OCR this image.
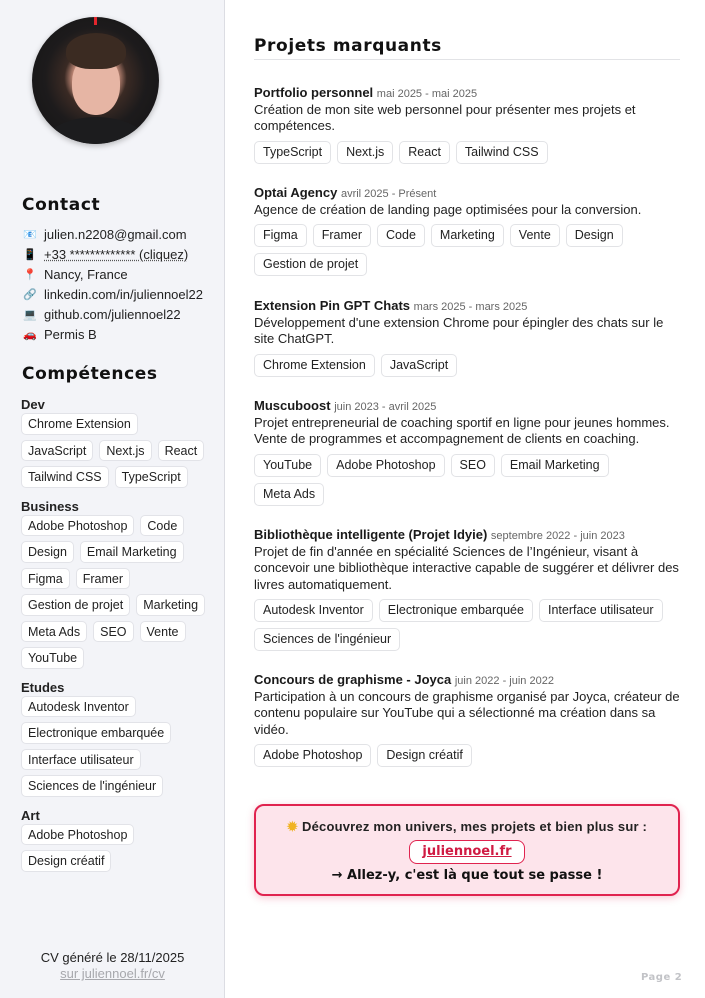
Contact
📧 julien.n2208@gmail.com
📱 +33 ************* (cliquez)
📍 Nancy, France
🔗 linkedin.com/in/juliennoel22
💻 github.com/juliennoel22
🚗 Permis B
Compétences
Dev
Chrome Extension
JavaScript	Next.js	React
Tailwind CSS	TypeScript
Business
Adobe Photoshop	Code
Design	Email Marketing
Figma	Framer
Gestion de projet	Marketing
Meta Ads	SEO	Vente
YouTube
Etudes
Autodesk Inventor
Electronique embarquée
Interface utilisateur
Sciences de l'ingénieur
Art
Adobe Photoshop
Design créatif
CV généré le 28/11/2025
sur juliennoel.fr/cv
Projets marquants
Portfolio personnel mai 2025 - mai 2025
Création de mon site web personnel pour présenter mes projets et compétences.
TypeScript	Next.js	React	Tailwind CSS
Optai Agency avril 2025 - Présent
Agence de création de landing page optimisées pour la conversion.
Figma	Framer	Code	Marketing	Vente	Design
Gestion de projet
Extension Pin GPT Chats mars 2025 - mars 2025
Développement d'une extension Chrome pour épingler des chats sur le site ChatGPT.
Chrome Extension	JavaScript
Muscuboost juin 2023 - avril 2025
Projet entrepreneurial de coaching sportif en ligne pour jeunes hommes. Vente de programmes et accompagnement de clients en coaching.
YouTube	Adobe Photoshop	SEO	Email Marketing
Meta Ads
Bibliothèque intelligente (Projet Idyie) septembre 2022 - juin 2023
Projet de fin d'année en spécialité Sciences de l’Ingénieur, visant à concevoir une bibliothèque interactive capable de suggérer et délivrer des livres automatiquement.
Autodesk Inventor	Electronique embarquée	Interface utilisateur
Sciences de l'ingénieur
Concours de graphisme - Joyca juin 2022 - juin 2022
Participation à un concours de graphisme organisé par Joyca, créateur de contenu populaire sur YouTube qui a sélectionné ma création dans sa vidéo.
Adobe Photoshop	Design créatif
✹ Découvrez mon univers, mes projets et bien plus sur :
juliennoel.fr
→ Allez-y, c'est là que tout se passe !
Page 2
